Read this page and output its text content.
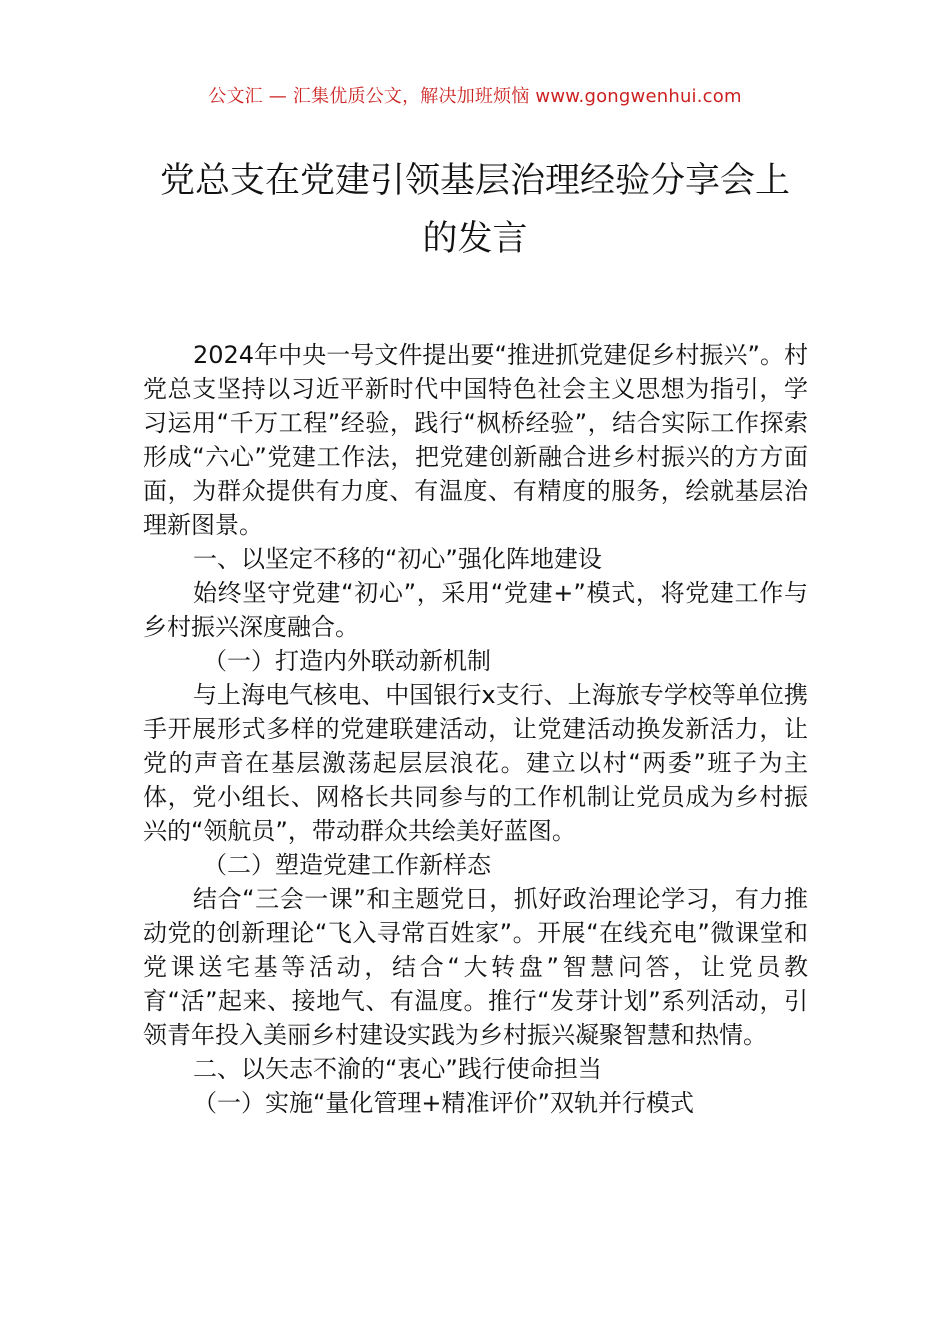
公文汇 — 汇集优质公文，解决加班烦恼 www.gongwenhui.com
党总支在党建引领基层治理经验分享会上
的发言

2024年中央一号文件提出要“推进抓党建促乡村振兴”。村党总支坚持以习近平新时代中国特色社会主义思想为指引，学习运用“千万工程”经验，践行“枫桥经验”，结合实际工作探索形成“六心”党建工作法，把党建创新融合进乡村振兴的方方面面，为群众提供有力度、有温度、有精度的服务，绘就基层治理新图景。

一、以坚定不移的“初心”强化阵地建设

始终坚守党建“初心”，采用“党建+”模式，将党建工作与乡村振兴深度融合。

（一）打造内外联动新机制

与上海电气核电、中国银行x支行、上海旅专学校等单位携手开展形式多样的党建联建活动，让党建活动换发新活力，让党的声音在基层激荡起层层浪花。建立以村“两委”班子为主体，党小组长、网格长共同参与的工作机制让党员成为乡村振兴的“领航员”，带动群众共绘美好蓝图。

（二）塑造党建工作新样态

结合“三会一课”和主题党日，抓好政治理论学习，有力推动党的创新理论“飞入寻常百姓家”。开展“在线充电”微课堂和党课送宅基等活动，结合“大转盘”智慧问答，让党员教育“活”起来、接地气、有温度。推行“发芽计划”系列活动，引领青年投入美丽乡村建设实践为乡村振兴凝聚智慧和热情。

二、以矢志不渝的“衷心”践行使命担当

（一）实施“量化管理+精准评价”双轨并行模式
